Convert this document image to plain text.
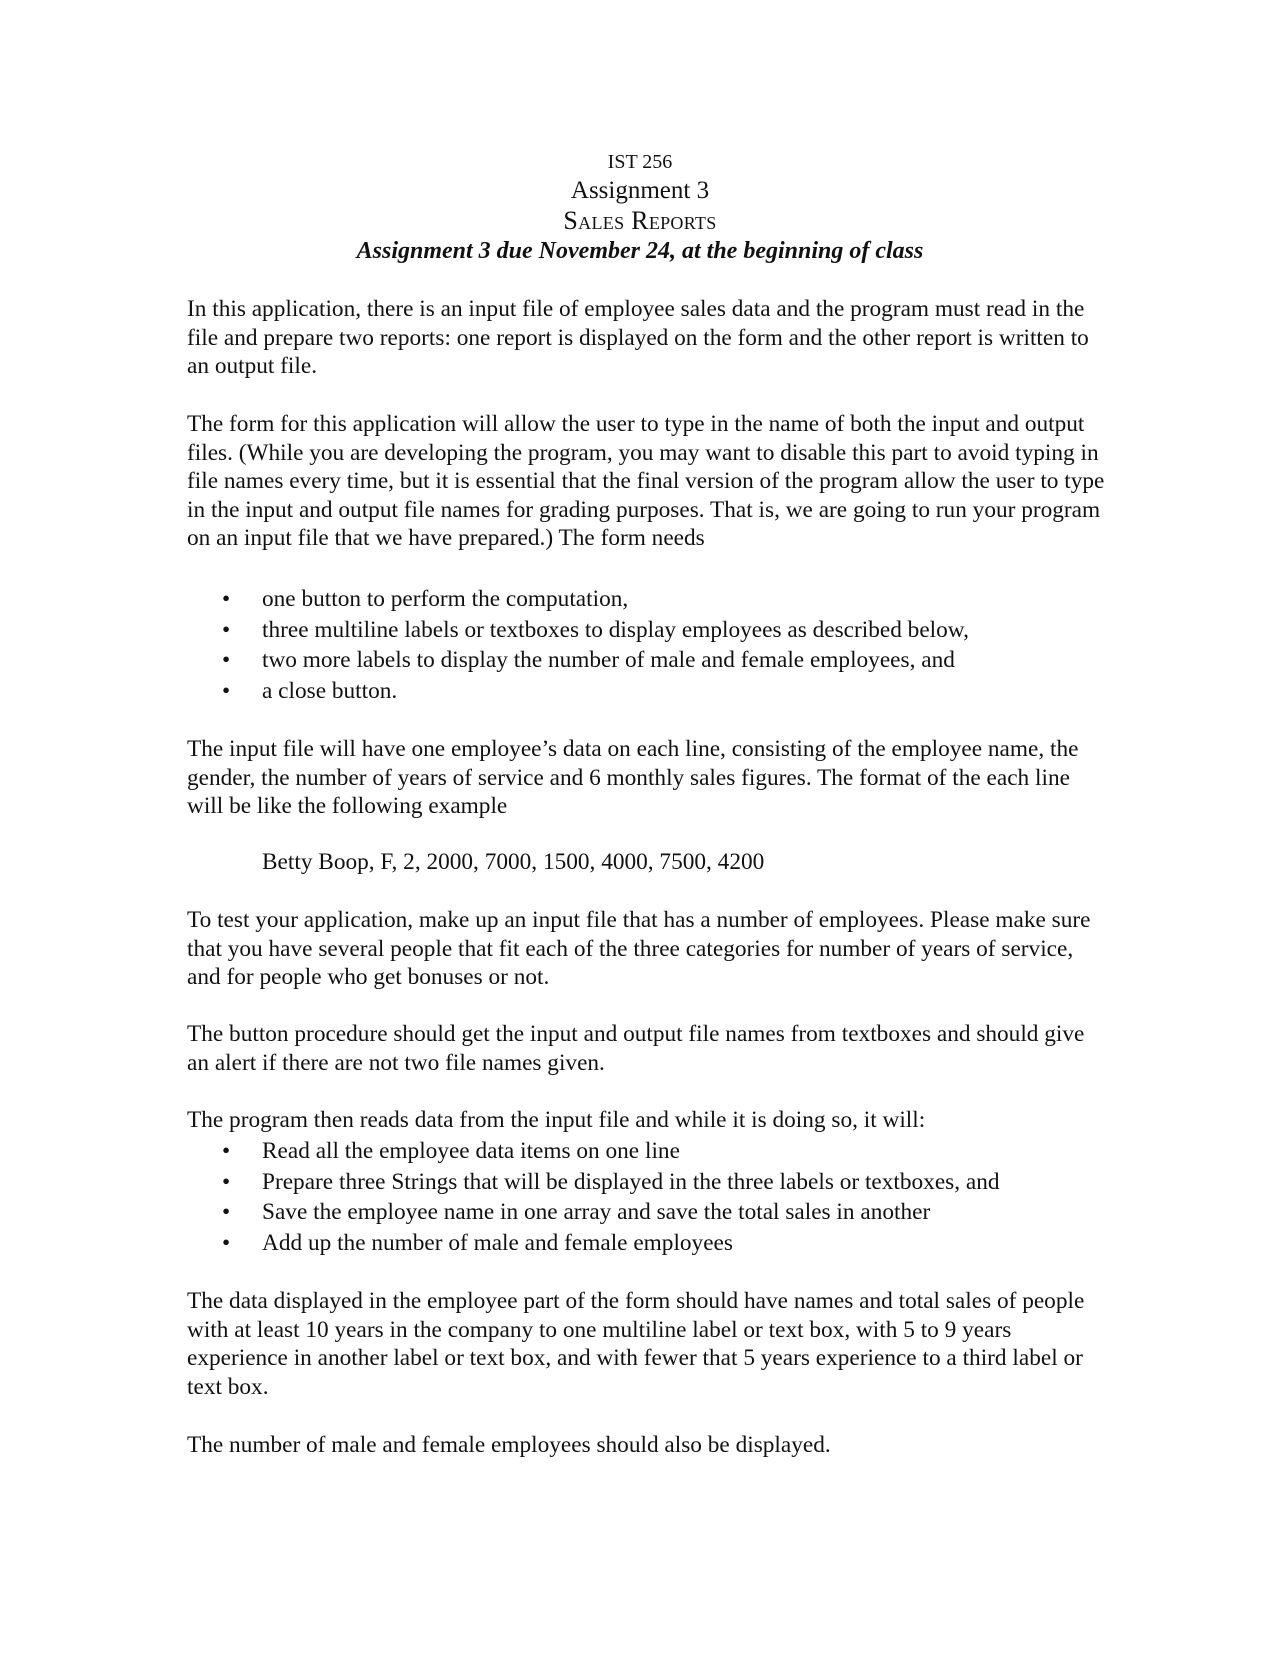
IST 256
Assignment 3
Sales Reports
Assignment 3 due November 24, at the beginning of class

In this application, there is an input file of employee sales data and the program must read in the file and prepare two reports: one report is displayed on the form and the other report is written to an output file.

The form for this application will allow the user to type in the name of both the input and output files. (While you are developing the program, you may want to disable this part to avoid typing in file names every time, but it is essential that the final version of the program allow the user to type in the input and output file names for grading purposes. That is, we are going to run your program on an input file that we have prepared.) The form needs

• one button to perform the computation,
• three multiline labels or textboxes to display employees as described below,
• two more labels to display the number of male and female employees, and
• a close button.

The input file will have one employee’s data on each line, consisting of the employee name, the gender, the number of years of service and 6 monthly sales figures. The format of the each line will be like the following example

Betty Boop, F, 2, 2000, 7000, 1500, 4000, 7500, 4200

To test your application, make up an input file that has a number of employees. Please make sure that you have several people that fit each of the three categories for number of years of service, and for people who get bonuses or not.

The button procedure should get the input and output file names from textboxes and should give an alert if there are not two file names given.

The program then reads data from the input file and while it is doing so, it will:

• Read all the employee data items on one line
• Prepare three Strings that will be displayed in the three labels or textboxes, and
• Save the employee name in one array and save the total sales in another
• Add up the number of male and female employees

The data displayed in the employee part of the form should have names and total sales of people with at least 10 years in the company to one multiline label or text box, with 5 to 9 years experience in another label or text box, and with fewer that 5 years experience to a third label or text box.

The number of male and female employees should also be displayed.
